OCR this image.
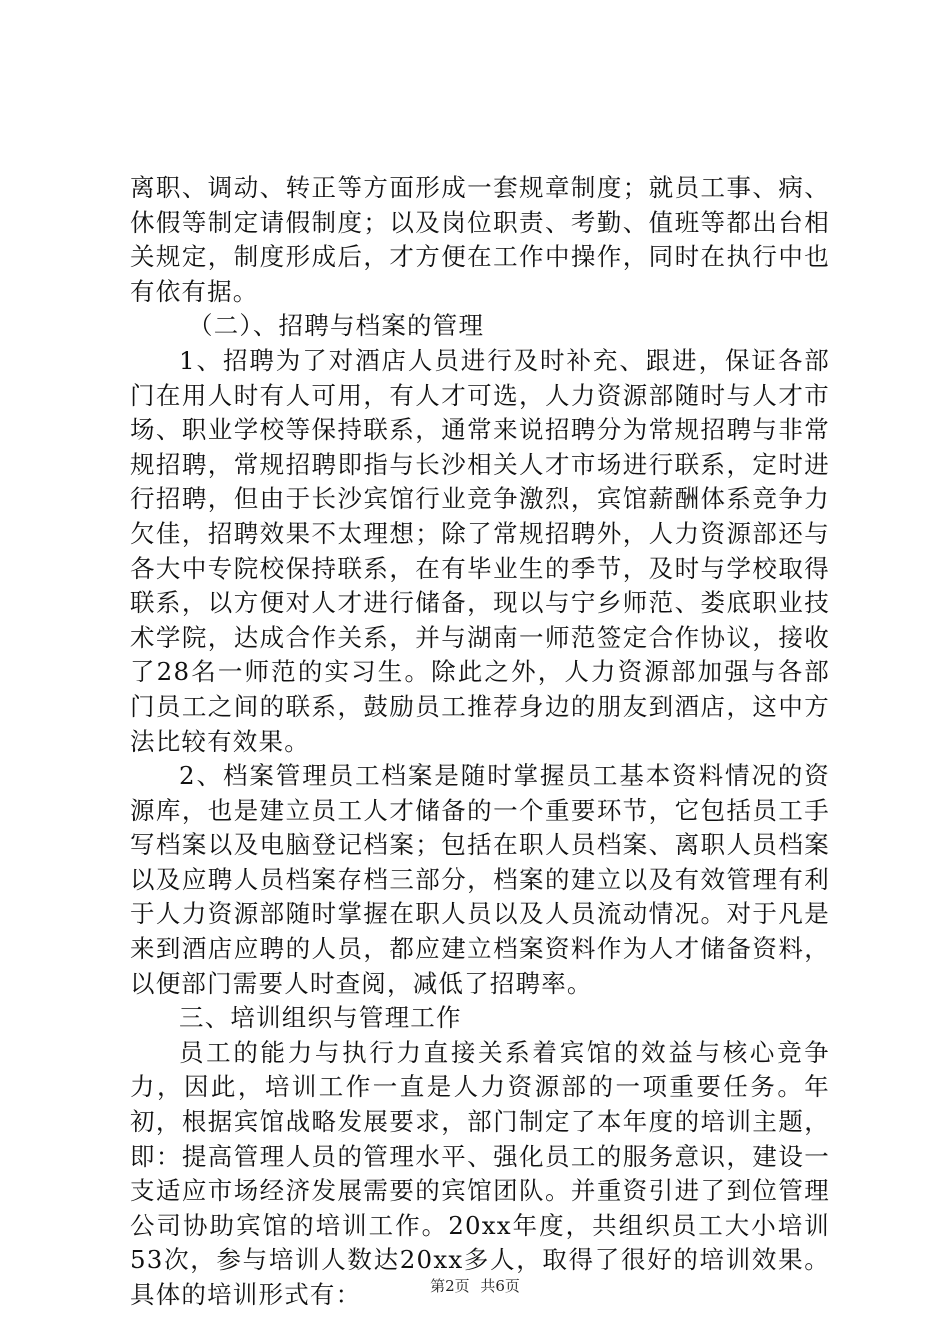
离职、调动、转正等方面形成一套规章制度；就员工事、病、休假等制定请假制度；以及岗位职责、考勤、值班等都出台相关规定，制度形成后，才方便在工作中操作，同时在执行中也有依有据。

（二）、招聘与档案的管理

1、招聘为了对酒店人员进行及时补充、跟进，保证各部门在用人时有人可用，有人才可选，人力资源部随时与人才市场、职业学校等保持联系，通常来说招聘分为常规招聘与非常规招聘，常规招聘即指与长沙相关人才市场进行联系，定时进行招聘，但由于长沙宾馆行业竞争激烈，宾馆薪酬体系竞争力欠佳，招聘效果不太理想；除了常规招聘外，人力资源部还与各大中专院校保持联系，在有毕业生的季节，及时与学校取得联系，以方便对人才进行储备，现以与宁乡师范、娄底职业技术学院，达成合作关系，并与湖南一师范签定合作协议，接收了28名一师范的实习生。除此之外，人力资源部加强与各部门员工之间的联系，鼓励员工推荐身边的朋友到酒店，这中方法比较有效果。

2、档案管理员工档案是随时掌握员工基本资料情况的资源库，也是建立员工人才储备的一个重要环节，它包括员工手写档案以及电脑登记档案；包括在职人员档案、离职人员档案以及应聘人员档案存档三部分，档案的建立以及有效管理有利于人力资源部随时掌握在职人员以及人员流动情况。对于凡是来到酒店应聘的人员，都应建立档案资料作为人才储备资料，以便部门需要人时查阅，减低了招聘率。

三、培训组织与管理工作

员工的能力与执行力直接关系着宾馆的效益与核心竞争力，因此，培训工作一直是人力资源部的一项重要任务。年初，根据宾馆战略发展要求，部门制定了本年度的培训主题，即：提高管理人员的管理水平、强化员工的服务意识，建设一支适应市场经济发展需要的宾馆团队。并重资引进了到位管理公司协助宾馆的培训工作。20xx年度，共组织员工大小培训53次，参与培训人数达20xx多人，取得了很好的培训效果。具体的培训形式有：	第2页 共6页
